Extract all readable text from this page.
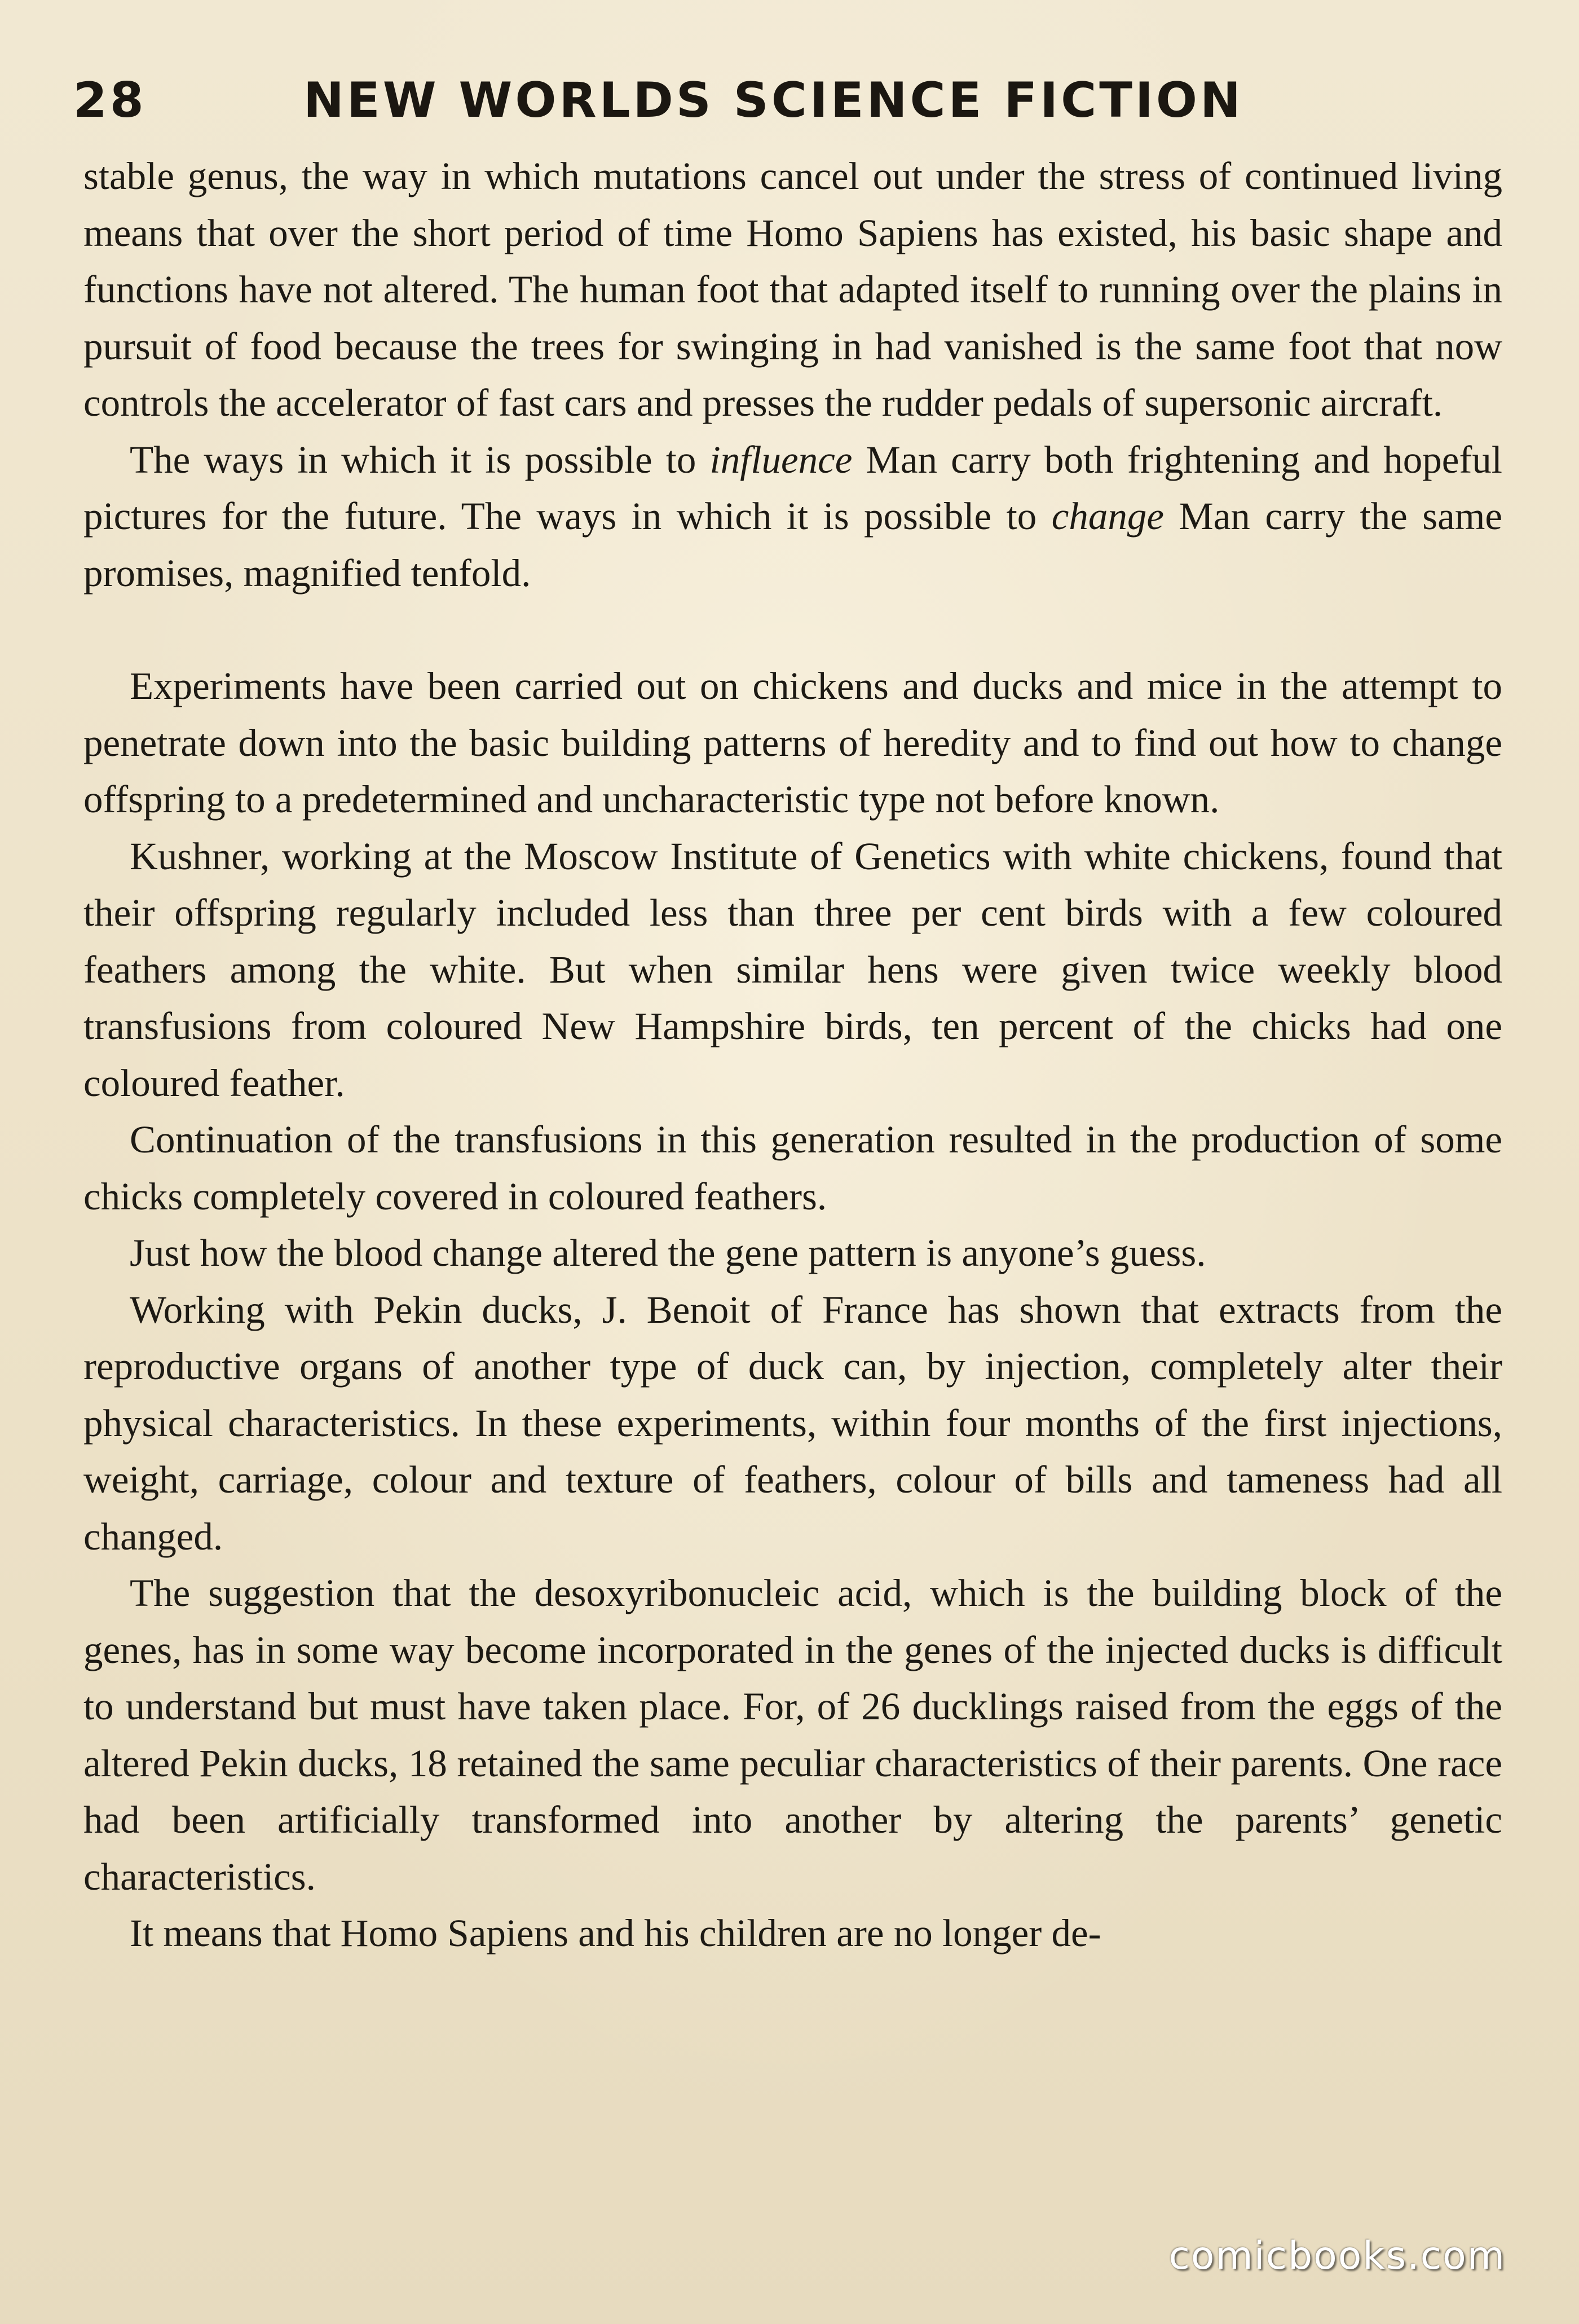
28	NEW WORLDS SCIENCE FICTION

stable genus, the way in which mutations cancel out under the stress of continued living means that over the short period of time Homo Sapiens has existed, his basic shape and functions have not altered. The human foot that adapted itself to running over the plains in pursuit of food because the trees for swinging in had vanished is the same foot that now controls the accelerator of fast cars and presses the rudder pedals of supersonic aircraft.

The ways in which it is possible to influence Man carry both frightening and hopeful pictures for the future. The ways in which it is possible to change Man carry the same promises, magnified tenfold.

Experiments have been carried out on chickens and ducks and mice in the attempt to penetrate down into the basic building patterns of heredity and to find out how to change offspring to a predetermined and uncharacteristic type not before known.

Kushner, working at the Moscow Institute of Genetics with white chickens, found that their offspring regularly included less than three per cent birds with a few coloured feathers among the white. But when similar hens were given twice weekly blood transfusions from coloured New Hampshire birds, ten percent of the chicks had one coloured feather.

Continuation of the transfusions in this generation resulted in the production of some chicks completely covered in coloured feathers.

Just how the blood change altered the gene pattern is anyone’s guess.

Working with Pekin ducks, J. Benoit of France has shown that extracts from the reproductive organs of another type of duck can, by injection, completely alter their physical characteristics. In these experiments, within four months of the first injections, weight, carriage, colour and texture of feathers, colour of bills and tameness had all changed.

The suggestion that the desoxyribonucleic acid, which is the building block of the genes, has in some way become incorporated in the genes of the injected ducks is difficult to understand but must have taken place. For, of 26 ducklings raised from the eggs of the altered Pekin ducks, 18 retained the same peculiar characteristics of their parents. One race had been artificially transformed into another by altering the parents’ genetic characteristics.

It means that Homo Sapiens and his children are no longer de-

comicbooks.com
